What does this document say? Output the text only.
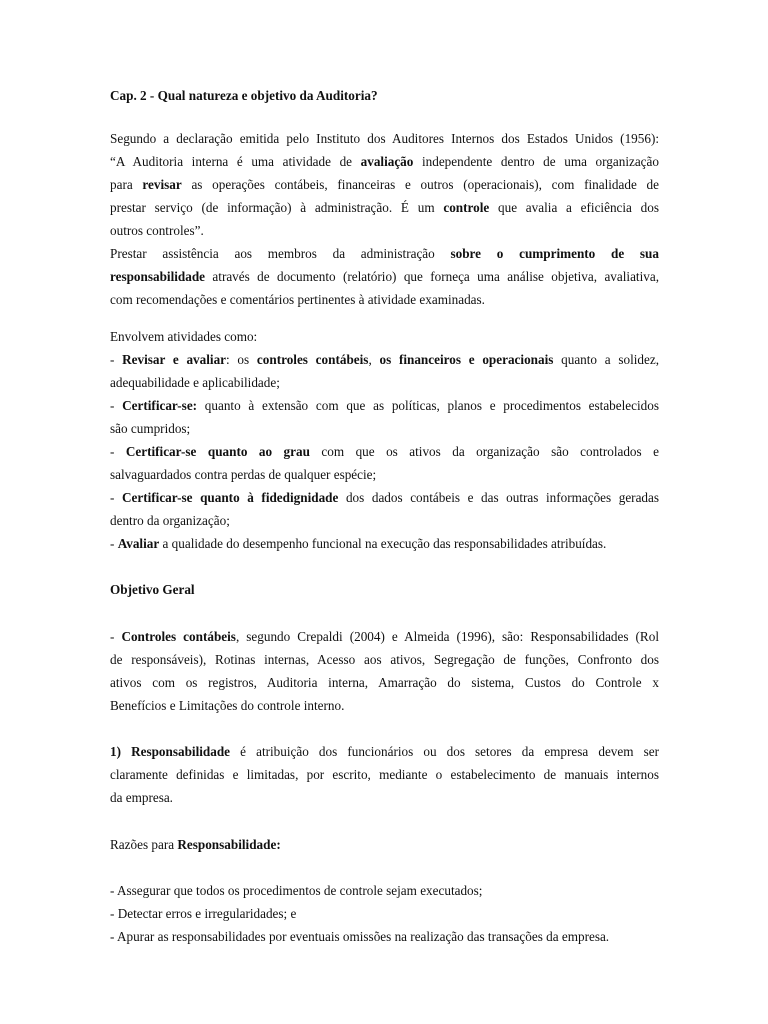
Cap. 2 - Qual natureza e objetivo da Auditoria?

Segundo a declaração emitida pelo Instituto dos Auditores Internos dos Estados Unidos (1956):
“A Auditoria interna é uma atividade de avaliação independente dentro de uma organização
para revisar as operações contábeis, financeiras e outros (operacionais), com finalidade de
prestar serviço (de informação) à administração. É um controle que avalia a eficiência dos
outros controles”.
Prestar assistência aos membros da administração sobre o cumprimento de sua
responsabilidade através de documento (relatório) que forneça uma análise objetiva, avaliativa,
com recomendações e comentários pertinentes à atividade examinadas.
Envolvem atividades como:
- Revisar e avaliar: os controles contábeis, os financeiros e operacionais quanto a solidez,
adequabilidade e aplicabilidade;
- Certificar-se: quanto à extensão com que as políticas, planos e procedimentos estabelecidos
são cumpridos;
- Certificar-se quanto ao grau com que os ativos da organização são controlados e
salvaguardados contra perdas de qualquer espécie;
- Certificar-se quanto à fidedignidade dos dados contábeis e das outras informações geradas
dentro da organização;
- Avaliar a qualidade do desempenho funcional na execução das responsabilidades atribuídas.

Objetivo Geral

- Controles contábeis, segundo Crepaldi (2004) e Almeida (1996), são: Responsabilidades (Rol
de responsáveis), Rotinas internas, Acesso aos ativos, Segregação de funções, Confronto dos
ativos com os registros, Auditoria interna, Amarração do sistema, Custos do Controle x
Benefícios e Limitações do controle interno.
1) Responsabilidade é atribuição dos funcionários ou dos setores da empresa devem ser
claramente definidas e limitadas, por escrito, mediante o estabelecimento de manuais internos
da empresa.

Razões para Responsabilidade:

- Assegurar que todos os procedimentos de controle sejam executados;
- Detectar erros e irregularidades; e
- Apurar as responsabilidades por eventuais omissões na realização das transações da empresa.
